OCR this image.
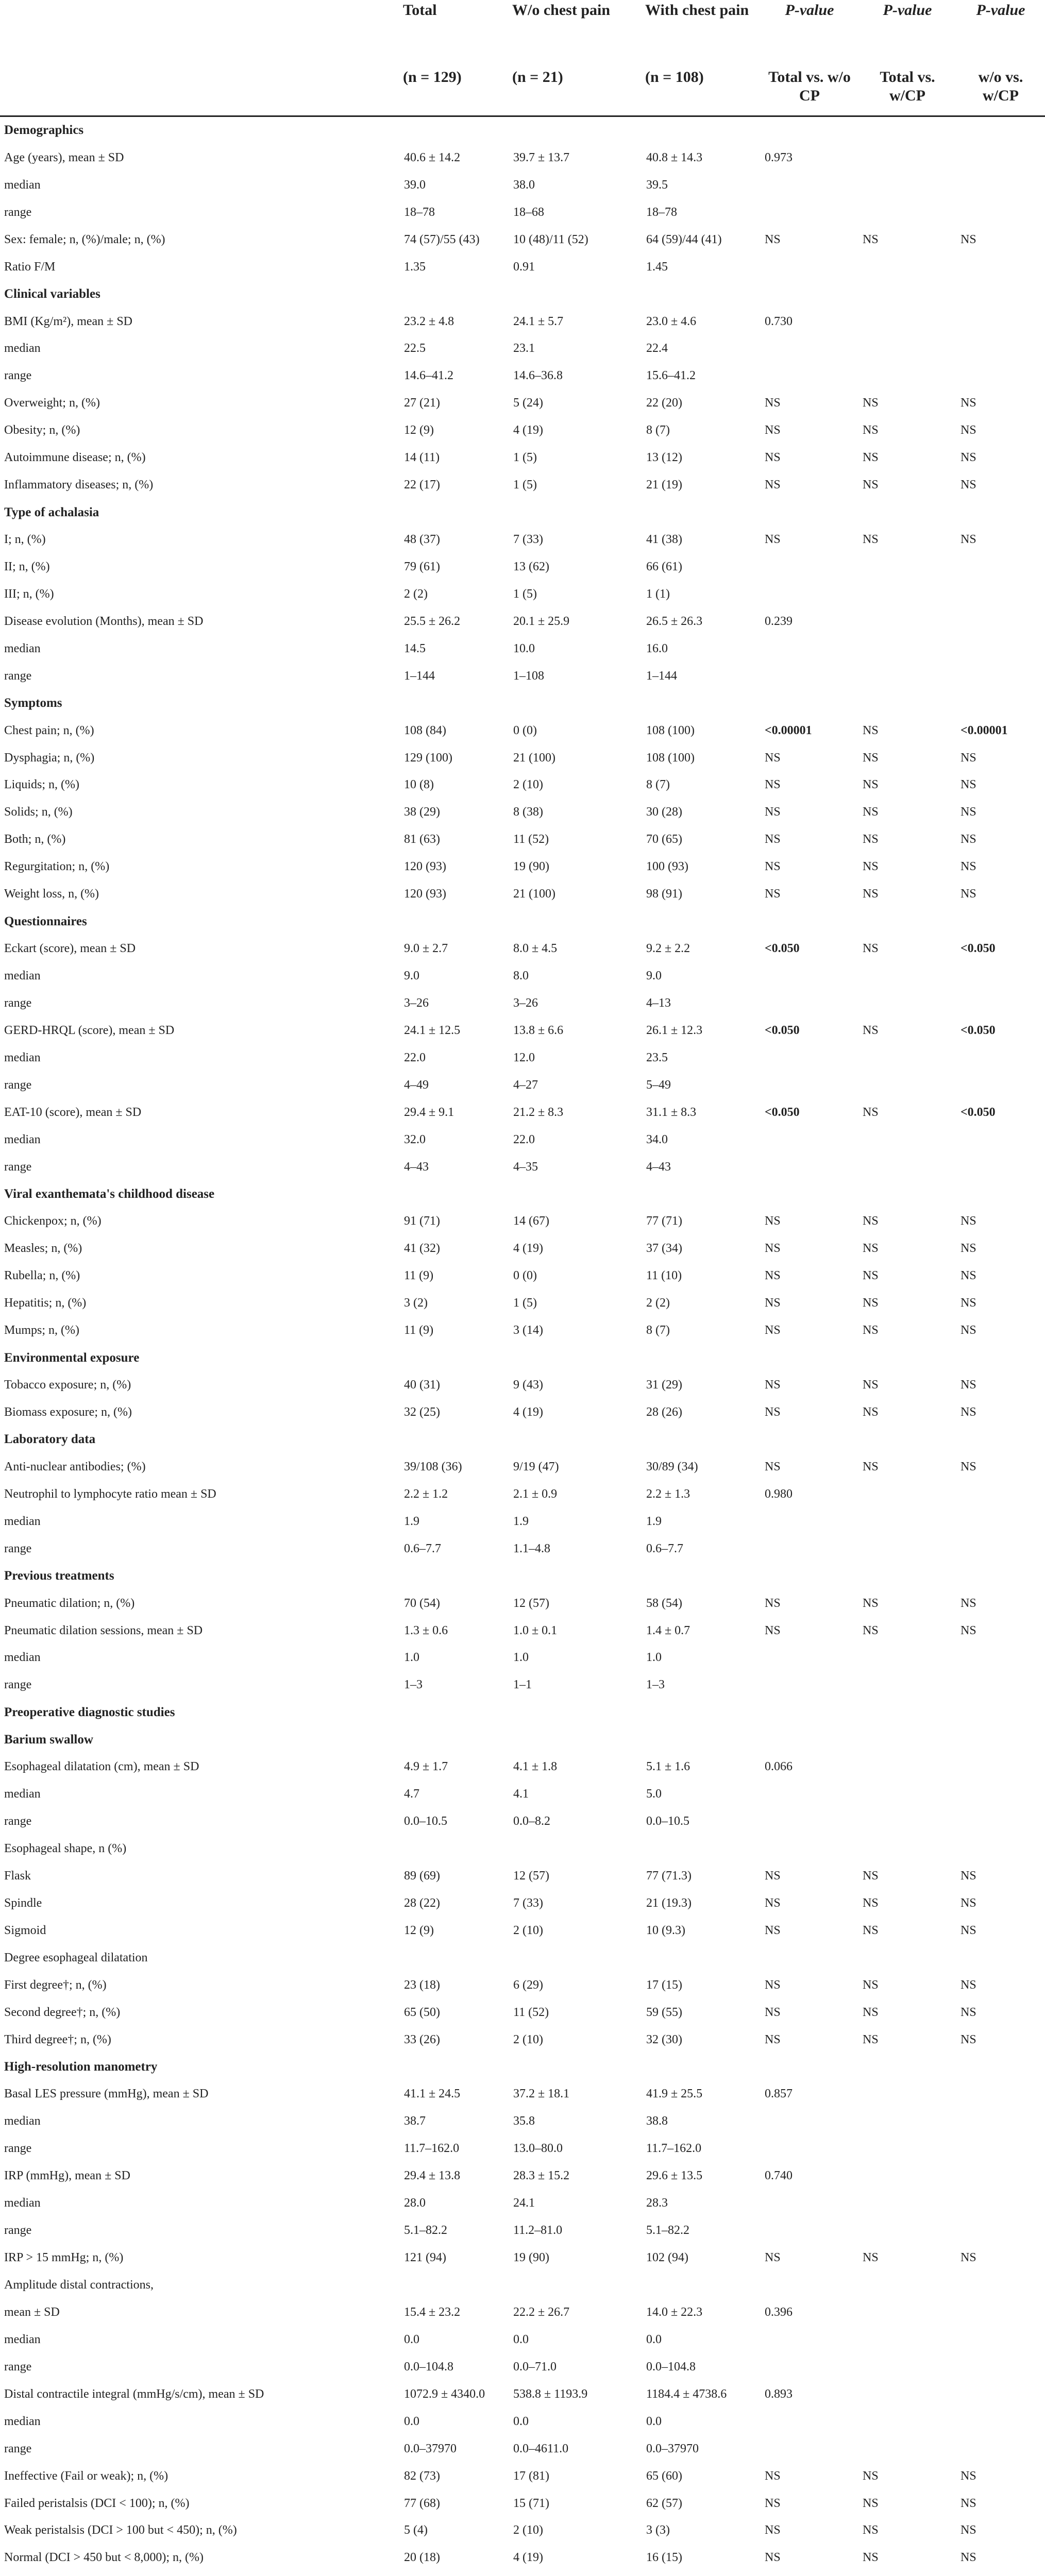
	Total	W/o chest pain	With chest pain	P-value	P-value	P-value
	(n = 129)	(n = 21)	(n = 108)	Total vs. w/o CP	Total vs. w/CP	w/o vs. w/CP
Demographics						
Age (years), mean ± SD	40.6 ± 14.2	39.7 ± 13.7	40.8 ± 14.3	0.973		
median	39.0	38.0	39.5			
range	18–78	18–68	18–78			
Sex: female; n, (%)/male; n, (%)	74 (57)/55 (43)	10 (48)/11 (52)	64 (59)/44 (41)	NS	NS	NS
Ratio F/M	1.35	0.91	1.45			
Clinical variables						
BMI (Kg/m²), mean ± SD	23.2 ± 4.8	24.1 ± 5.7	23.0 ± 4.6	0.730		
median	22.5	23.1	22.4			
range	14.6–41.2	14.6–36.8	15.6–41.2			
Overweight; n, (%)	27 (21)	5 (24)	22 (20)	NS	NS	NS
Obesity; n, (%)	12 (9)	4 (19)	8 (7)	NS	NS	NS
Autoimmune disease; n, (%)	14 (11)	1 (5)	13 (12)	NS	NS	NS
Inflammatory diseases; n, (%)	22 (17)	1 (5)	21 (19)	NS	NS	NS
Type of achalasia						
I; n, (%)	48 (37)	7 (33)	41 (38)	NS	NS	NS
II; n, (%)	79 (61)	13 (62)	66 (61)			
III; n, (%)	2 (2)	1 (5)	1 (1)			
Disease evolution (Months), mean ± SD	25.5 ± 26.2	20.1 ± 25.9	26.5 ± 26.3	0.239		
median	14.5	10.0	16.0			
range	1–144	1–108	1–144			
Symptoms						
Chest pain; n, (%)	108 (84)	0 (0)	108 (100)	<0.00001	NS	<0.00001
Dysphagia; n, (%)	129 (100)	21 (100)	108 (100)	NS	NS	NS
Liquids; n, (%)	10 (8)	2 (10)	8 (7)	NS	NS	NS
Solids; n, (%)	38 (29)	8 (38)	30 (28)	NS	NS	NS
Both; n, (%)	81 (63)	11 (52)	70 (65)	NS	NS	NS
Regurgitation; n, (%)	120 (93)	19 (90)	100 (93)	NS	NS	NS
Weight loss, n, (%)	120 (93)	21 (100)	98 (91)	NS	NS	NS
Questionnaires						
Eckart (score), mean ± SD	9.0 ± 2.7	8.0 ± 4.5	9.2 ± 2.2	<0.050	NS	<0.050
median	9.0	8.0	9.0			
range	3–26	3–26	4–13			
GERD-HRQL (score), mean ± SD	24.1 ± 12.5	13.8 ± 6.6	26.1 ± 12.3	<0.050	NS	<0.050
median	22.0	12.0	23.5			
range	4–49	4–27	5–49			
EAT-10 (score), mean ± SD	29.4 ± 9.1	21.2 ± 8.3	31.1 ± 8.3	<0.050	NS	<0.050
median	32.0	22.0	34.0			
range	4–43	4–35	4–43			
Viral exanthemata's childhood disease						
Chickenpox; n, (%)	91 (71)	14 (67)	77 (71)	NS	NS	NS
Measles; n, (%)	41 (32)	4 (19)	37 (34)	NS	NS	NS
Rubella; n, (%)	11 (9)	0 (0)	11 (10)	NS	NS	NS
Hepatitis; n, (%)	3 (2)	1 (5)	2 (2)	NS	NS	NS
Mumps; n, (%)	11 (9)	3 (14)	8 (7)	NS	NS	NS
Environmental exposure						
Tobacco exposure; n, (%)	40 (31)	9 (43)	31 (29)	NS	NS	NS
Biomass exposure; n, (%)	32 (25)	4 (19)	28 (26)	NS	NS	NS
Laboratory data						
Anti-nuclear antibodies; (%)	39/108 (36)	9/19 (47)	30/89 (34)	NS	NS	NS
Neutrophil to lymphocyte ratio mean ± SD	2.2 ± 1.2	2.1 ± 0.9	2.2 ± 1.3	0.980		
median	1.9	1.9	1.9			
range	0.6–7.7	1.1–4.8	0.6–7.7			
Previous treatments						
Pneumatic dilation; n, (%)	70 (54)	12 (57)	58 (54)	NS	NS	NS
Pneumatic dilation sessions, mean ± SD	1.3 ± 0.6	1.0 ± 0.1	1.4 ± 0.7	NS	NS	NS
median	1.0	1.0	1.0			
range	1–3	1–1	1–3			
Preoperative diagnostic studies						
Barium swallow						
Esophageal dilatation (cm), mean ± SD	4.9 ± 1.7	4.1 ± 1.8	5.1 ± 1.6	0.066		
median	4.7	4.1	5.0			
range	0.0–10.5	0.0–8.2	0.0–10.5			
Esophageal shape, n (%)						
Flask	89 (69)	12 (57)	77 (71.3)	NS	NS	NS
Spindle	28 (22)	7 (33)	21 (19.3)	NS	NS	NS
Sigmoid	12 (9)	2 (10)	10 (9.3)	NS	NS	NS
Degree esophageal dilatation						
First degree†; n, (%)	23 (18)	6 (29)	17 (15)	NS	NS	NS
Second degree†; n, (%)	65 (50)	11 (52)	59 (55)	NS	NS	NS
Third degree†; n, (%)	33 (26)	2 (10)	32 (30)	NS	NS	NS
High-resolution manometry						
Basal LES pressure (mmHg), mean ± SD	41.1 ± 24.5	37.2 ± 18.1	41.9 ± 25.5	0.857		
median	38.7	35.8	38.8			
range	11.7–162.0	13.0–80.0	11.7–162.0			
IRP (mmHg), mean ± SD	29.4 ± 13.8	28.3 ± 15.2	29.6 ± 13.5	0.740		
median	28.0	24.1	28.3			
range	5.1–82.2	11.2–81.0	5.1–82.2			
IRP > 15 mmHg; n, (%)	121 (94)	19 (90)	102 (94)	NS	NS	NS
Amplitude distal contractions,						
mean ± SD	15.4 ± 23.2	22.2 ± 26.7	14.0 ± 22.3	0.396		
median	0.0	0.0	0.0			
range	0.0–104.8	0.0–71.0	0.0–104.8			
Distal contractile integral (mmHg/s/cm), mean ± SD	1072.9 ± 4340.0	538.8 ± 1193.9	1184.4 ± 4738.6	0.893		
median	0.0	0.0	0.0			
range	0.0–37970	0.0–4611.0	0.0–37970			
Ineffective (Fail or weak); n, (%)	82 (73)	17 (81)	65 (60)	NS	NS	NS
Failed peristalsis (DCI < 100); n, (%)	77 (68)	15 (71)	62 (57)	NS	NS	NS
Weak peristalsis (DCI > 100 but < 450); n, (%)	5 (4)	2 (10)	3 (3)	NS	NS	NS
Normal (DCI > 450 but < 8,000); n, (%)	20 (18)	4 (19)	16 (15)	NS	NS	NS
